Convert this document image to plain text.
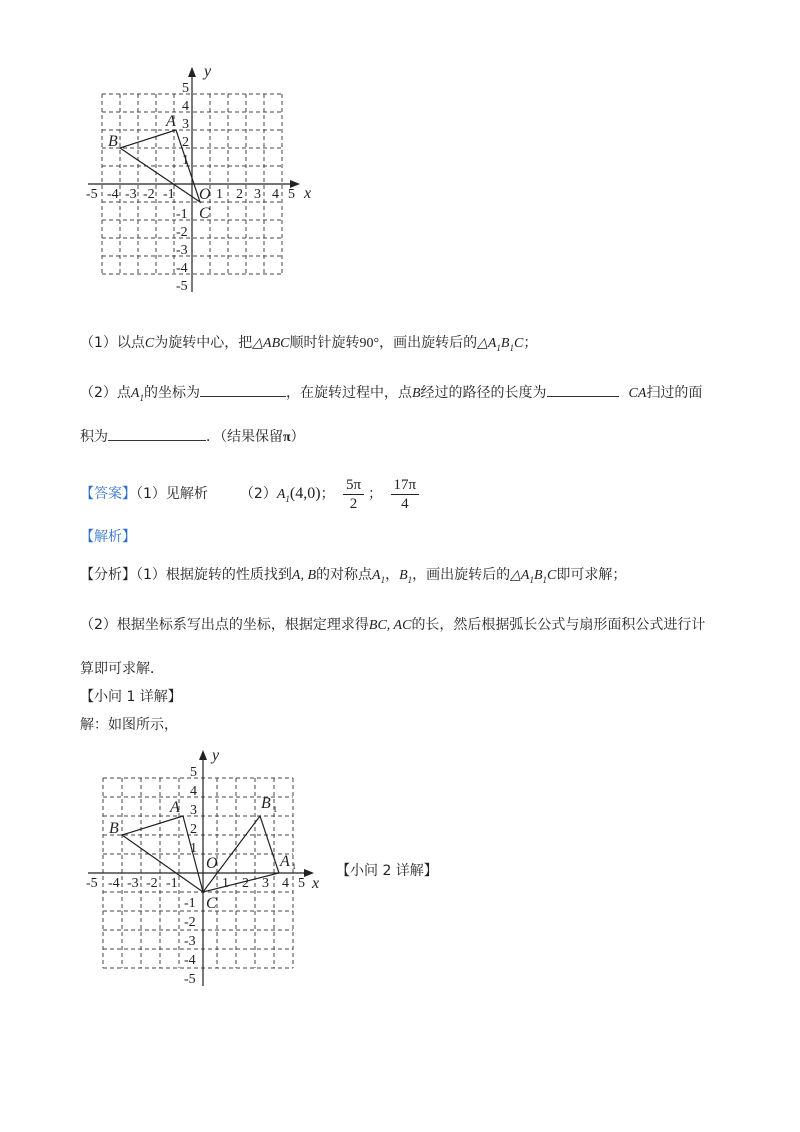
-5 -4 -3 -2 -1	1 2 3 4 5
5
4
3
2
1
-1
-2
-3
-4
-5
x
y
O
A
B
C
（1）以点C为旋转中心，把△ABC顺时针旋转90°，画出旋转后的$\triangle A_1B_1C$；
（2）点$A_1$的坐标为	，在旋转过程中，点B经过的路径的长度为	CA扫过的面
积为	．（结果保留π）
【答案】（1）见解析 $(2)A_1(4,0)$； $\frac{5\pi}{2}$ ； $\frac{17\pi}{4}$
【解析】
【分析】（1）根据旋转的性质找到A, B的对称点$A_1$，$B_1$，画出旋转后的$\triangle A_1B_1C$即可求解；
（2）根据坐标系写出点的坐标，根据定理求得BC, AC的长，然后根据弧长公式与扇形面积公式进行计
算即可求解．
【小问 1 详解】
解：如图所示，
-5 -4 -3 -2 -1	1 2 3 4 5
5
4
3
2
1
-1
-2
-3
-4
-5
x
y
O
A
B
C
B
A
1
1	【小问 2 详解】
